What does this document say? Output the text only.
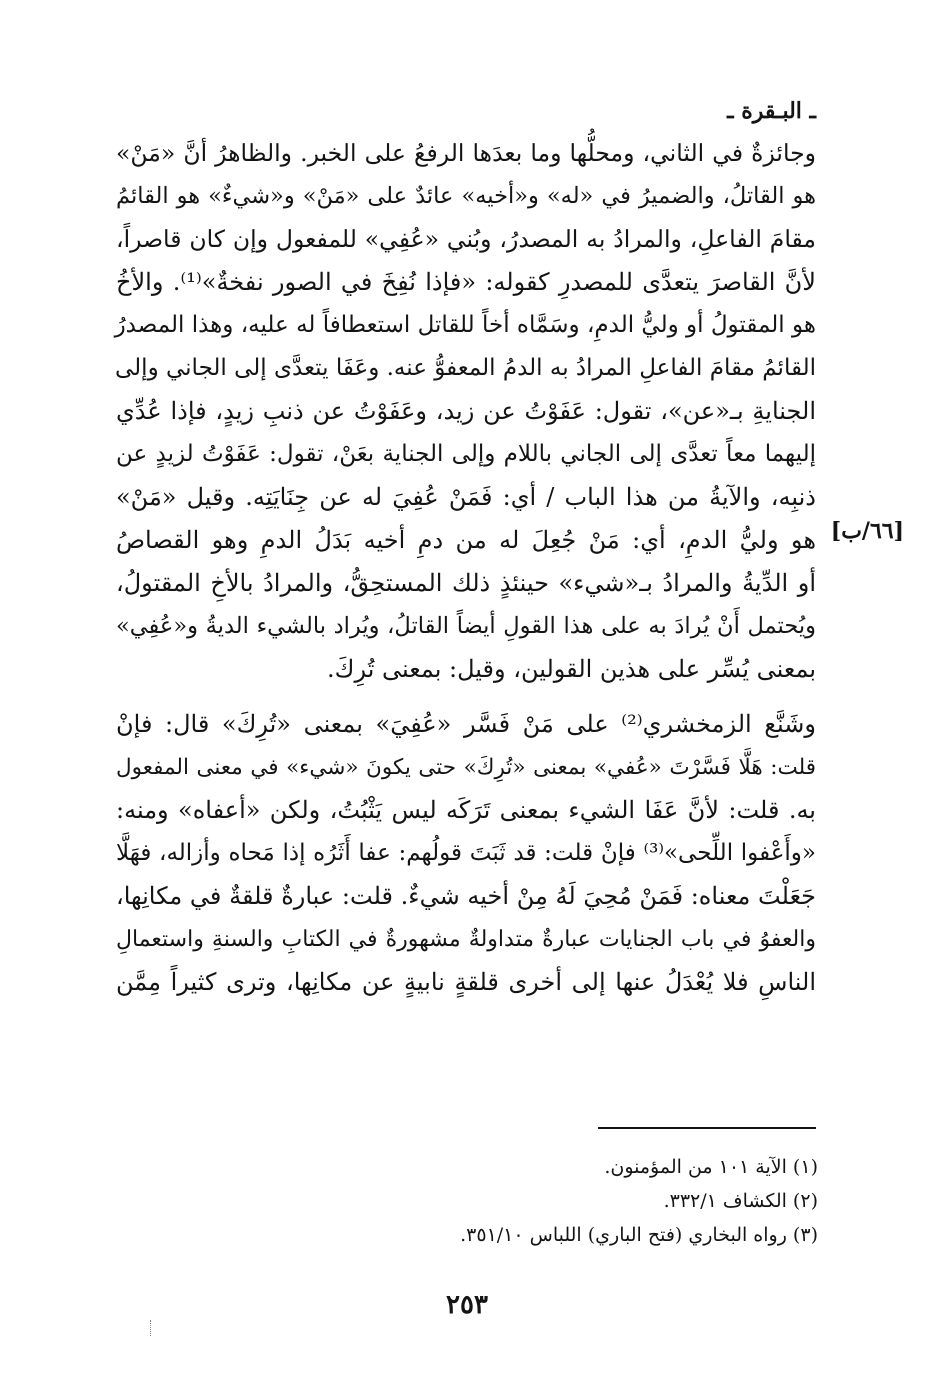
ـ البـقرة ـ
[٦٦/ب]
وجائزةٌ في الثاني، ومحلُّها وما بعدَها الرفعُ على الخبر. والظاهرُ أنَّ «مَنْ»
هو القاتلُ، والضميرُ في «له» و«أخيه» عائدٌ على «مَنْ» و«شيءٌ» هو القائمُ
مقامَ الفاعلِ، والمرادُ به المصدرُ، وبُني «عُفِي» للمفعول وإن كان قاصراً،
لأنَّ القاصرَ يتعدَّى للمصدرِ كقوله: «فإذا نُفِخَ في الصور نفخةٌ»⁽¹⁾. والأخُ
هو المقتولُ أو وليُّ الدمِ، وسَمَّاه أخاً للقاتل استعطافاً له عليه، وهذا المصدرُ
القائمُ مقامَ الفاعلِ المرادُ به الدمُ المعفوُّ عنه. وعَفَا يتعدَّى إلى الجاني وإلى
الجنايةِ بـ«عن»، تقول: عَفَوْتُ عن زيد، وعَفَوْتُ عن ذنبِ زيدٍ، فإذا عُدِّي
إليهما معاً تعدَّى إلى الجاني باللام وإلى الجناية بعَنْ، تقول: عَفَوْتُ لزيدٍ عن
ذنبِه، والآيةُ من هذا الباب / أي: فَمَنْ عُفِيَ له عن جِنَايَتِه. وقيل «مَنْ»
هو وليُّ الدمِ، أي: مَنْ جُعِلَ له من دمِ أخيه بَدَلُ الدمِ وهو القصاصُ
أو الدِّيةُ والمرادُ بـ«شيء» حينئذٍ ذلك المستحِقُّ، والمرادُ بالأخِ المقتولُ،
ويُحتمل أَنْ يُرادَ به على هذا القولِ أيضاً القاتلُ، ويُراد بالشيء الديةُ و«عُفِي»
بمعنى يُسِّر على هذين القولين، وقيل: بمعنى تُرِكَ.
وشَنَّع الزمخشري⁽²⁾ على مَنْ فَسَّر «عُفِيَ» بمعنى «تُرِكَ» قال: فإنْ
قلت: هَلَّا فَسَّرْتَ «عُفي» بمعنى «تُرِكَ» حتى يكونَ «شيء» في معنى المفعول
به. قلت: لأنَّ عَفَا الشيء بمعنى تَرَكَه ليس يَثْبُتُ، ولكن «أعفاه» ومنه:
«وأَعْفوا اللِّحى»⁽³⁾ فإنْ قلت: قد ثَبَتَ قولُهم: عفا أَثَرُه إذا مَحاه وأزاله، فهَلَّا
جَعَلْتَ معناه: فَمَنْ مُحِيَ لَهُ مِنْ أخيه شيءٌ. قلت: عبارةٌ قلقةٌ في مكانِها،
والعفوُ في باب الجنايات عبارةٌ متداولةٌ مشهورةٌ في الكتابِ والسنةِ واستعمالِ
الناسِ فلا يُعْدَلُ عنها إلى أخرى قلقةٍ نابيةٍ عن مكانِها، وترى كثيراً مِمَّن
(١) الآية ١٠١ من المؤمنون.
(٢) الكشاف ٣٣٢/١.
(٣) رواه البخاري (فتح الباري) اللباس ٣٥١/١٠.
٢٥٣
